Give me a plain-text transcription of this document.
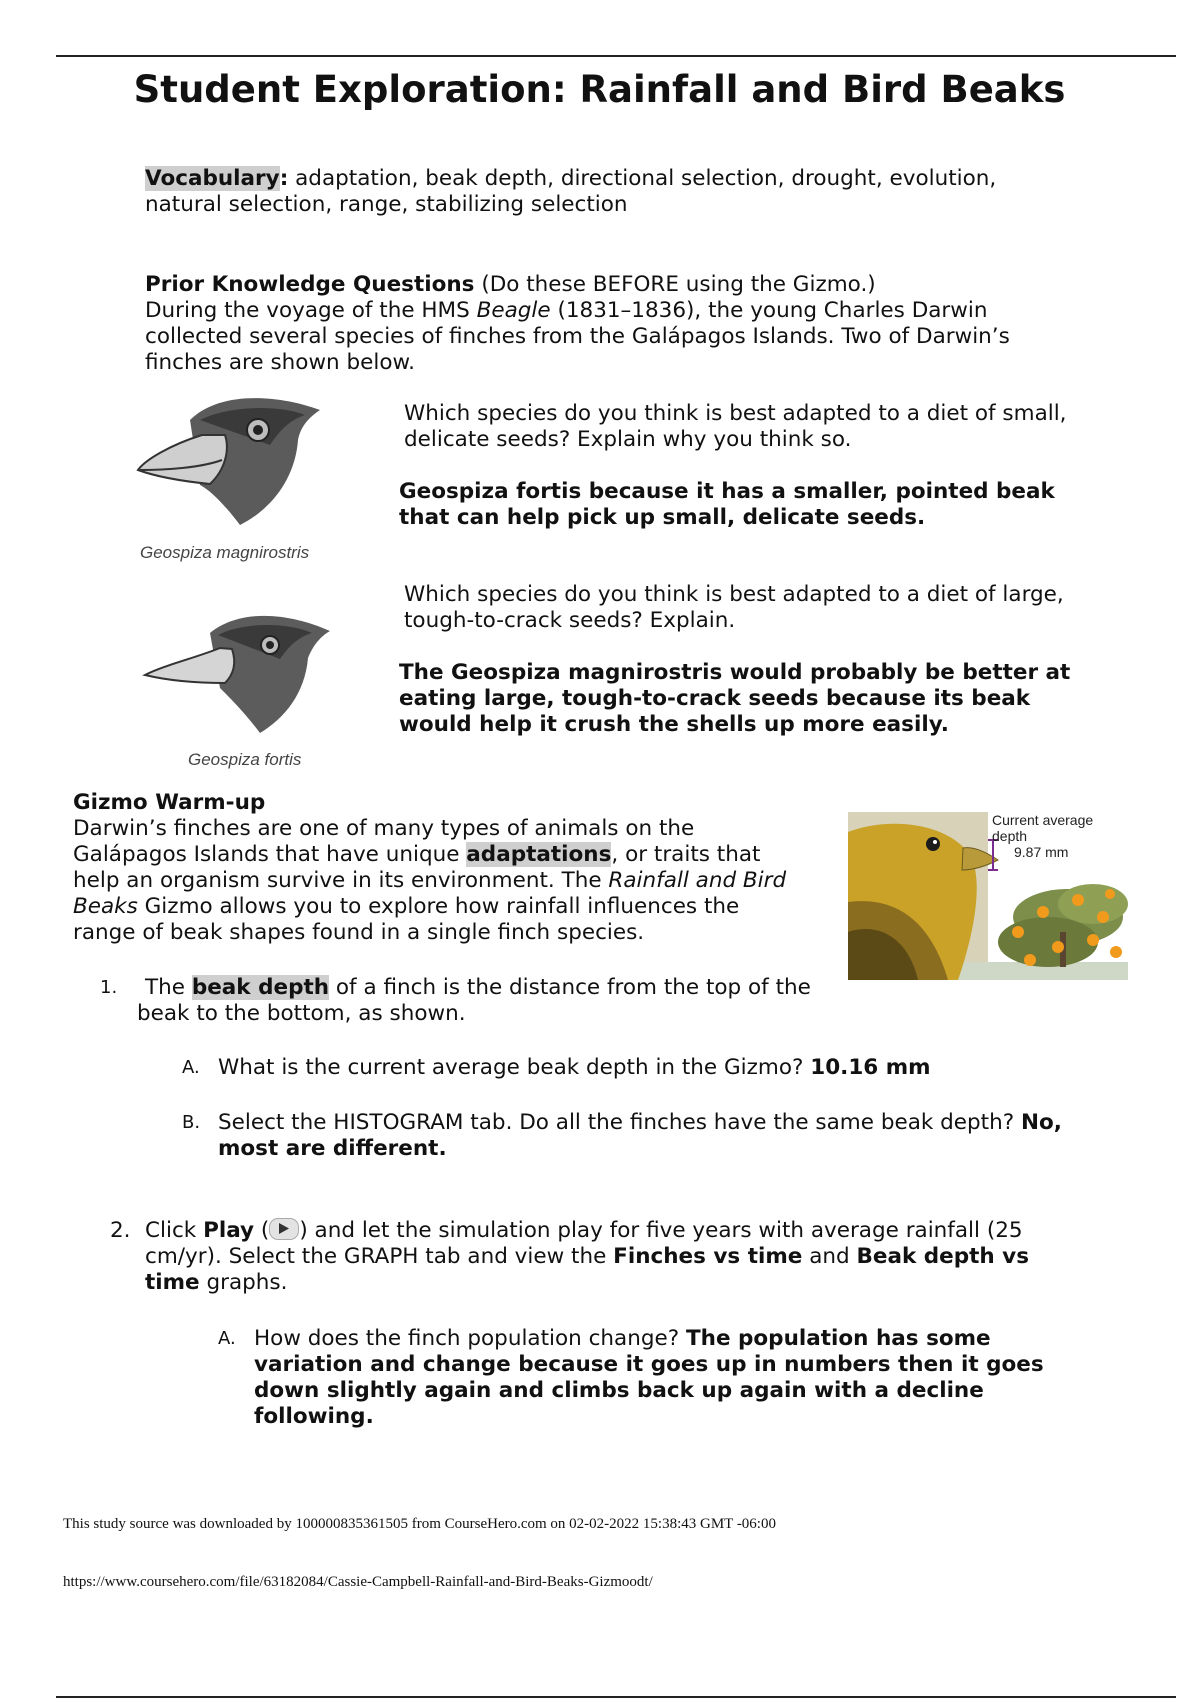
Student Exploration: Rainfall and Bird Beaks
Vocabulary: adaptation, beak depth, directional selection, drought, evolution, natural selection, range, stabilizing selection
Prior Knowledge Questions (Do these BEFORE using the Gizmo.)
During the voyage of the HMS Beagle (1831–1836), the young Charles Darwin collected several species of finches from the Galápagos Islands. Two of Darwin’s finches are shown below.
Geospiza magnirostris
Geospiza fortis
Which species do you think is best adapted to a diet of small, delicate seeds? Explain why you think so.
Geospiza fortis because it has a smaller, pointed beak that can help pick up small, delicate seeds.
Which species do you think is best adapted to a diet of large, tough-to-crack seeds? Explain.
The Geospiza magnirostris would probably be better at eating large, tough-to-crack seeds because its beak would help it crush the shells up more easily.
Gizmo Warm-up
Darwin’s finches are one of many types of animals on the Galápagos Islands that have unique adaptations, or traits that help an organism survive in its environment. The Rainfall and Bird Beaks Gizmo allows you to explore how rainfall influences the range of beak shapes found in a single finch species.
Current average depth
9.87 mm
1.	The beak depth of a finch is the distance from the top of the beak to the bottom, as shown.
A. What is the current average beak depth in the Gizmo? 10.16 mm
B. Select the HISTOGRAM tab. Do all the finches have the same beak depth? No, most are different.
2. Click Play ( ) and let the simulation play for five years with average rainfall (25 cm/yr). Select the GRAPH tab and view the Finches vs time and Beak depth vs time graphs.
A. How does the finch population change? The population has some variation and change because it goes up in numbers then it goes down slightly again and climbs back up again with a decline following.
This study source was downloaded by 100000835361505 from CourseHero.com on 02-02-2022 15:38:43 GMT -06:00
https://www.coursehero.com/file/63182084/Cassie-Campbell-Rainfall-and-Bird-Beaks-Gizmoodt/
